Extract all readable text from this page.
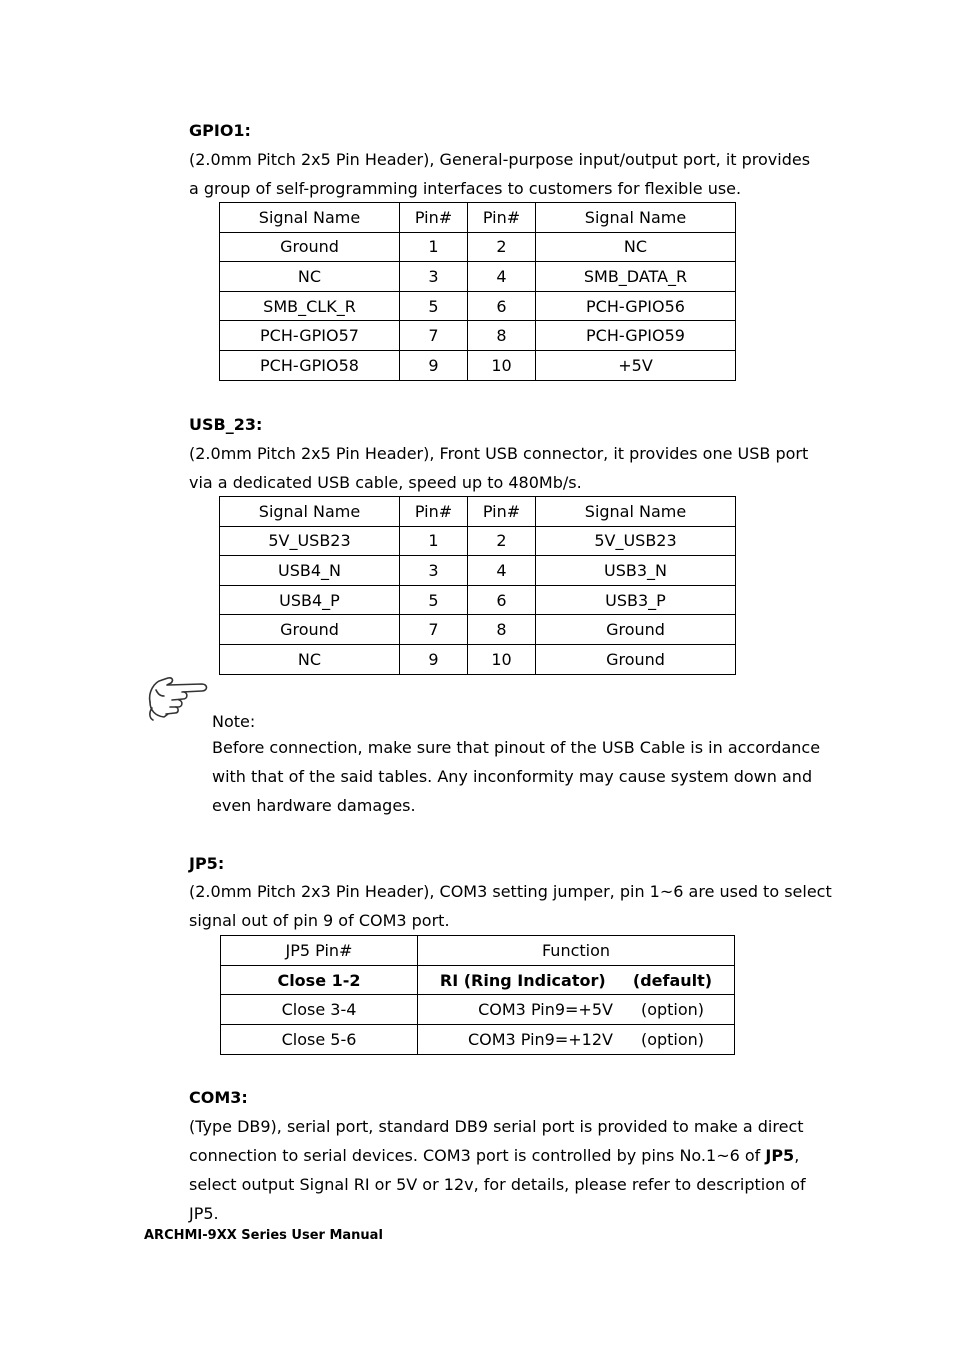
GPIO1:
(2.0mm Pitch 2x5 Pin Header), General-purpose input/output port, it provides
a group of self-programming interfaces to customers for flexible use.
Signal Name	Pin#	Pin#	Signal Name
Ground	1	2	NC
NC	3	4	SMB_DATA_R
SMB_CLK_R	5	6	PCH-GPIO56
PCH-GPIO57	7	8	PCH-GPIO59
PCH-GPIO58	9	10	+5V
USB_23:
(2.0mm Pitch 2x5 Pin Header), Front USB connector, it provides one USB port
via a dedicated USB cable, speed up to 480Mb/s.
Signal Name	Pin#	Pin#	Signal Name
5V_USB23	1	2	5V_USB23
USB4_N	3	4	USB3_N
USB4_P	5	6	USB3_P
Ground	7	8	Ground
NC	9	10	Ground
Note:
Before connection, make sure that pinout of the USB Cable is in accordance
with that of the said tables. Any inconformity may cause system down and
even hardware damages.
JP5:
(2.0mm Pitch 2x3 Pin Header), COM3 setting jumper, pin 1~6 are used to select
signal out of pin 9 of COM3 port.
JP5 Pin#	Function
Close 1-2	RI (Ring Indicator) (default)
Close 3-4	COM3 Pin9=+5V (option)
Close 5-6	COM3 Pin9=+12V (option)
COM3:
(Type DB9), serial port, standard DB9 serial port is provided to make a direct
connection to serial devices. COM3 port is controlled by pins No.1~6 of JP5,
select output Signal RI or 5V or 12v, for details, please refer to description of
JP5.
ARCHMI-9XX Series User Manual
